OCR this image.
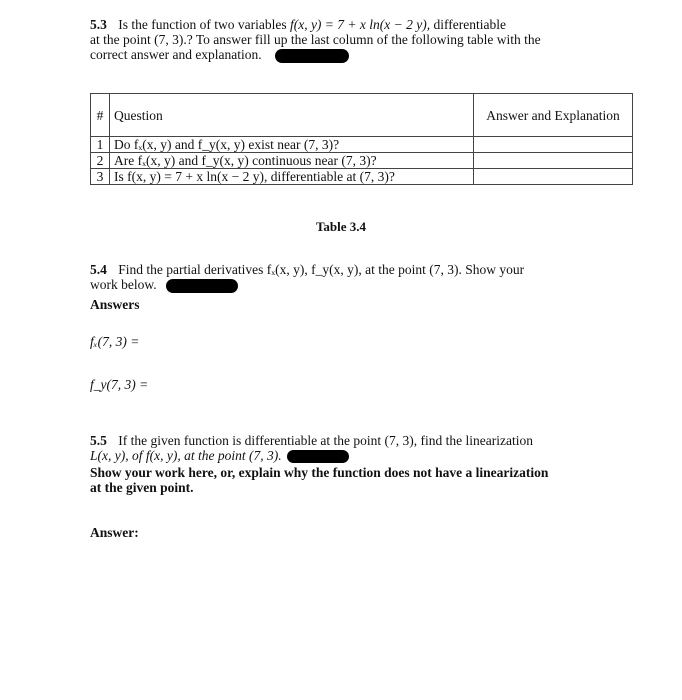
5.3 Is the function of two variables f(x, y) = 7 + x ln(x − 2 y), differentiable
at the point (7, 3).? To answer fill up the last column of the following table with the
correct answer and explanation.
#	Question	Answer and Explanation
1	Do fₓ(x, y) and f_y(x, y) exist near (7, 3)?	
2	Are fₓ(x, y) and f_y(x, y) continuous near (7, 3)?	
3	Is f(x, y) = 7 + x ln(x − 2 y), differentiable at (7, 3)?	
Table 3.4
5.4 Find the partial derivatives fₓ(x, y), f_y(x, y), at the point (7, 3). Show your
work below.
Answers
fₓ(7, 3) =
f_y(7, 3) =
5.5 If the given function is differentiable at the point (7, 3), find the linearization
L(x, y), of f(x, y), at the point (7, 3).
Show your work here, or, explain why the function does not have a linearization
at the given point.
Answer:
